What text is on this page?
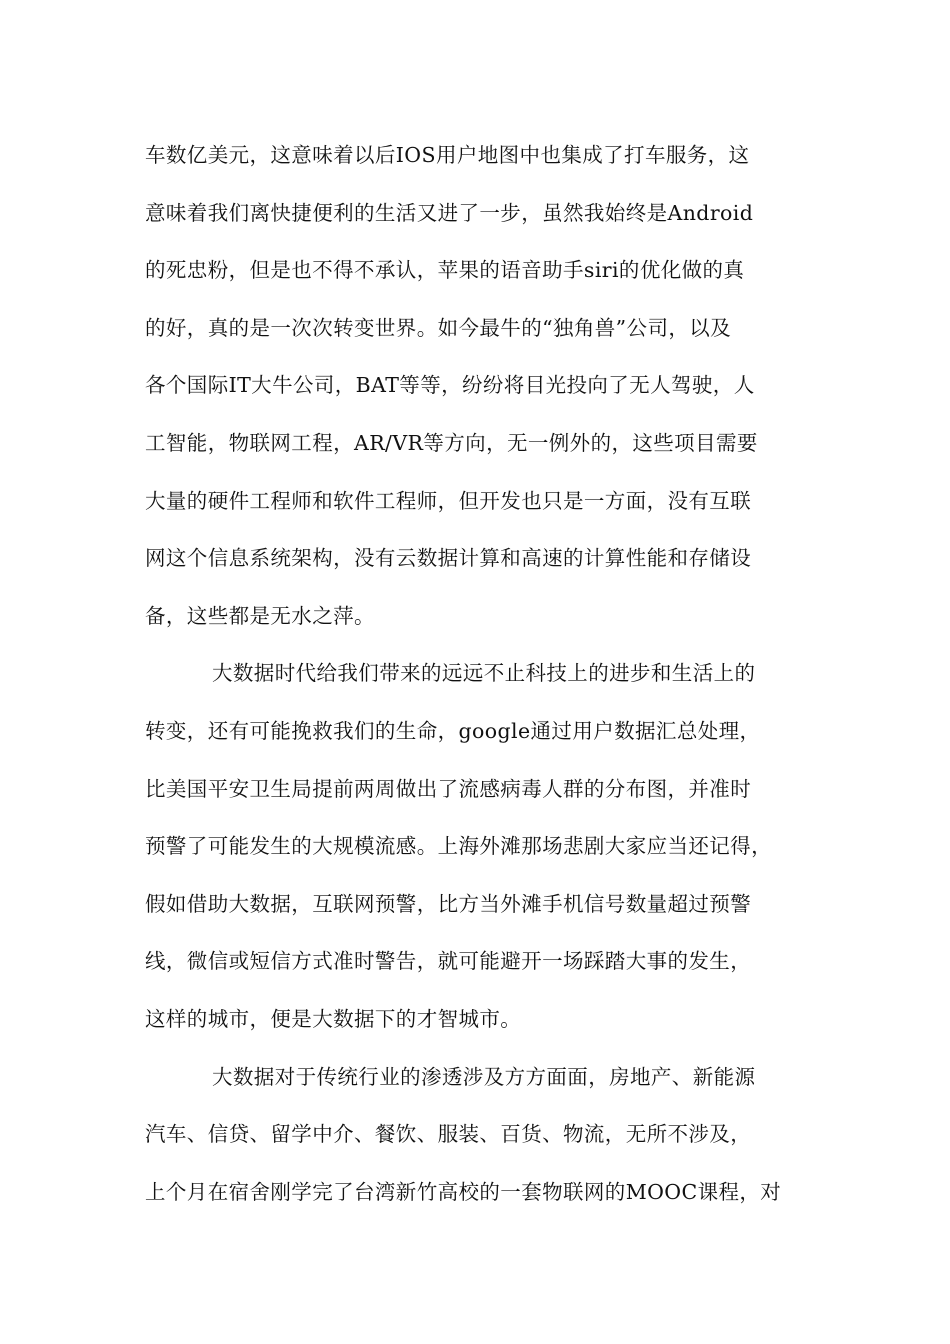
车数亿美元，这意味着以后IOS用户地图中也集成了打车服务，这
意味着我们离快捷便利的生活又进了一步，虽然我始终是Android
的死忠粉，但是也不得不承认，苹果的语音助手siri的优化做的真
的好，真的是一次次转变世界。如今最牛的“独角兽”公司，以及
各个国际IT大牛公司，BAT等等，纷纷将目光投向了无人驾驶，人
工智能，物联网工程，AR/VR等方向，无一例外的，这些项目需要
大量的硬件工程师和软件工程师，但开发也只是一方面，没有互联
网这个信息系统架构，没有云数据计算和高速的计算性能和存储设
备，这些都是无水之萍。
大数据时代给我们带来的远远不止科技上的进步和生活上的
转变，还有可能挽救我们的生命，google通过用户数据汇总处理，
比美国平安卫生局提前两周做出了流感病毒人群的分布图，并准时
预警了可能发生的大规模流感。上海外滩那场悲剧大家应当还记得，
假如借助大数据，互联网预警，比方当外滩手机信号数量超过预警
线，微信或短信方式准时警告，就可能避开一场踩踏大事的发生，
这样的城市，便是大数据下的才智城市。
大数据对于传统行业的渗透涉及方方面面，房地产、新能源
汽车、信贷、留学中介、餐饮、服装、百货、物流，无所不涉及，
上个月在宿舍刚学完了台湾新竹高校的一套物联网的MOOC课程，对
